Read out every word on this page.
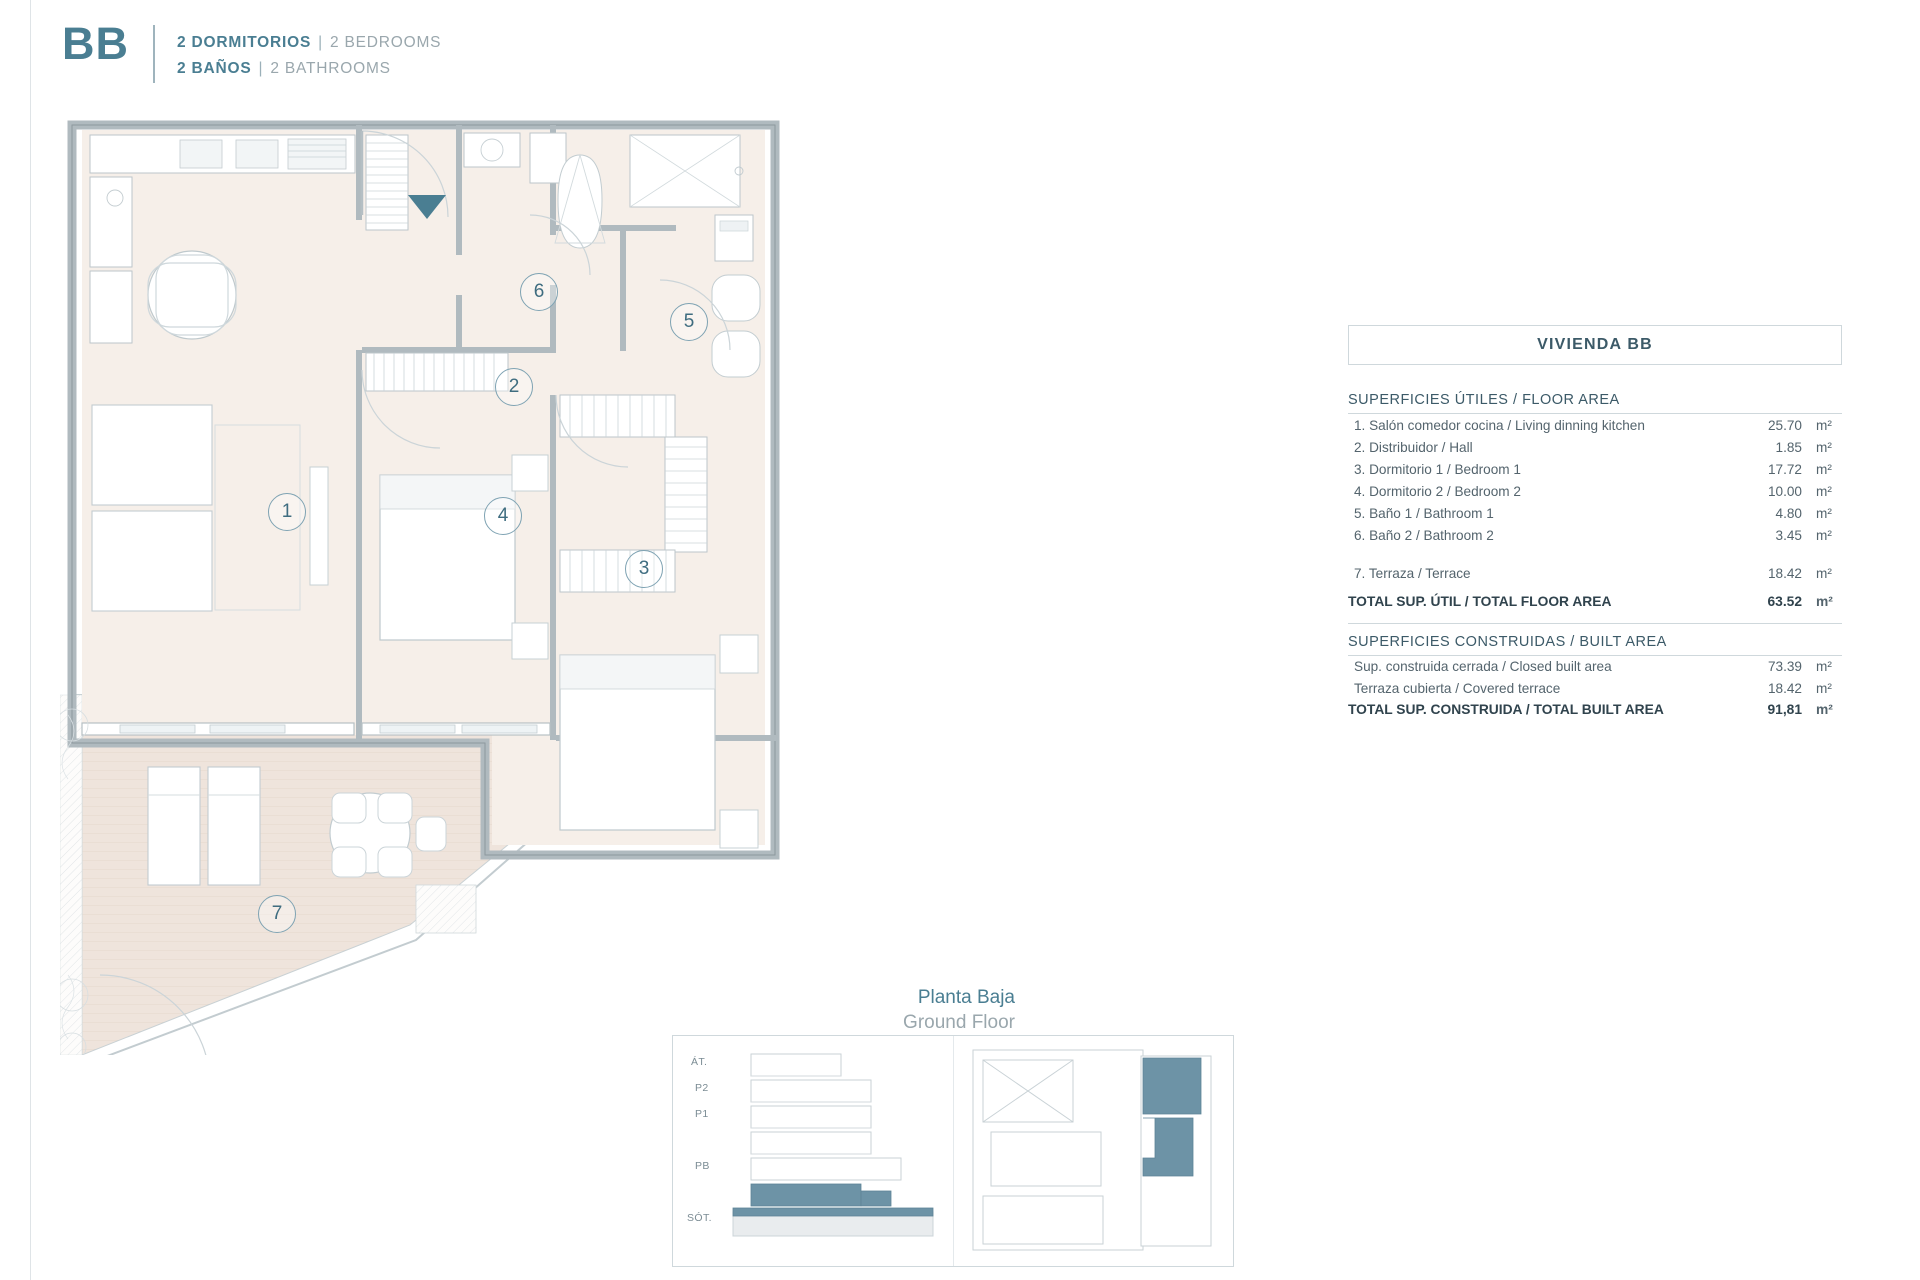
BB	2 DORMITORIOS | 2 BEDROOMS
2 BAÑOS | 2 BATHROOMS
1
2
3
4
5
6
7
Planta Baja
Ground Floor
ÁT.
P2
P1
PB
SÓT.
VIVIENDA BB
SUPERFICIES ÚTILES / FLOOR AREA
1. Salón comedor cocina / Living dinning kitchen	25.70	m²
2. Distribuidor / Hall	1.85	m²
3. Dormitorio 1 / Bedroom 1	17.72	m²
4. Dormitorio 2 / Bedroom 2	10.00	m²
5. Baño 1 / Bathroom 1	4.80	m²
6. Baño 2 / Bathroom 2	3.45	m²
7. Terraza / Terrace	18.42	m²
TOTAL SUP. ÚTIL / TOTAL FLOOR AREA	63.52	m²
SUPERFICIES CONSTRUIDAS / BUILT AREA
Sup. construida cerrada / Closed built area	73.39	m²
Terraza cubierta / Covered terrace	18.42	m²
TOTAL SUP. CONSTRUIDA / TOTAL BUILT AREA	91,81	m²
